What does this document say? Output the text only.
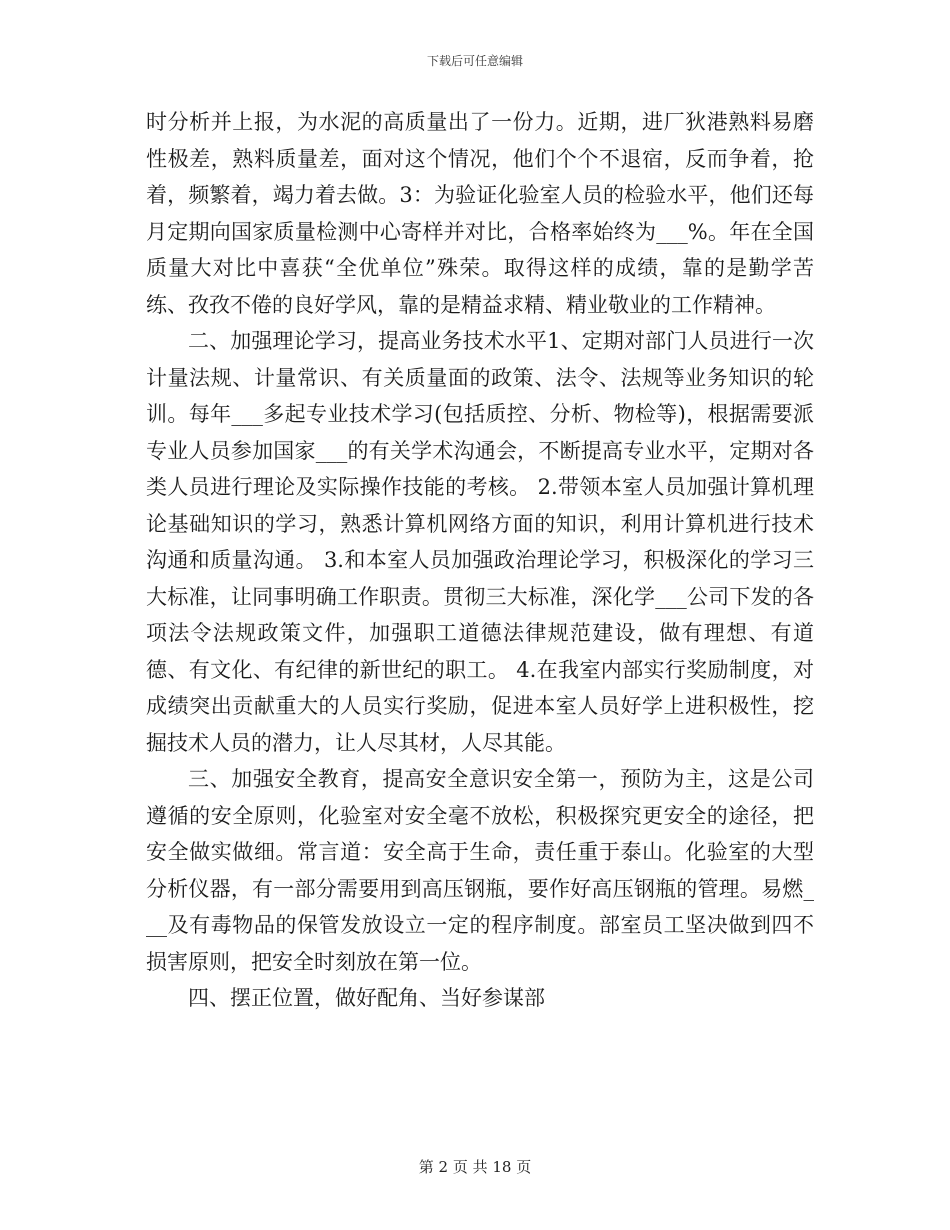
下载后可任意编辑

时分析并上报，为水泥的高质量出了一份力。近期，进厂狄港熟料易磨性极差，熟料质量差，面对这个情况，他们个个不退宿，反而争着，抢着，频繁着，竭力着去做。3：为验证化验室人员的检验水平，他们还每月定期向国家质量检测中心寄样并对比，合格率始终为___%。年在全国质量大对比中喜获“全优单位”殊荣。取得这样的成绩，靠的是勤学苦练、孜孜不倦的良好学风，靠的是精益求精、精业敬业的工作精神。

二、加强理论学习，提高业务技术水平1、定期对部门人员进行一次计量法规、计量常识、有关质量面的政策、法令、法规等业务知识的轮训。每年___多起专业技术学习(包括质控、分析、物检等)，根据需要派专业人员参加国家___的有关学术沟通会，不断提高专业水平，定期对各类人员进行理论及实际操作技能的考核。 2.带领本室人员加强计算机理论基础知识的学习，熟悉计算机网络方面的知识，利用计算机进行技术沟通和质量沟通。 3.和本室人员加强政治理论学习，积极深化的学习三大标准，让同事明确工作职责。贯彻三大标准，深化学___公司下发的各项法令法规政策文件，加强职工道德法律规范建设，做有理想、有道德、有文化、有纪律的新世纪的职工。 4.在我室内部实行奖励制度，对成绩突出贡献重大的人员实行奖励，促进本室人员好学上进积极性，挖掘技术人员的潜力，让人尽其材，人尽其能。

三、加强安全教育，提高安全意识安全第一，预防为主，这是公司遵循的安全原则，化验室对安全毫不放松，积极探究更安全的途径，把安全做实做细。常言道：安全高于生命，责任重于泰山。化验室的大型分析仪器，有一部分需要用到高压钢瓶，要作好高压钢瓶的管理。易燃___及有毒物品的保管发放设立一定的程序制度。部室员工坚决做到四不损害原则，把安全时刻放在第一位。

四、摆正位置，做好配角、当好参谋部

第 2 页 共 18 页
